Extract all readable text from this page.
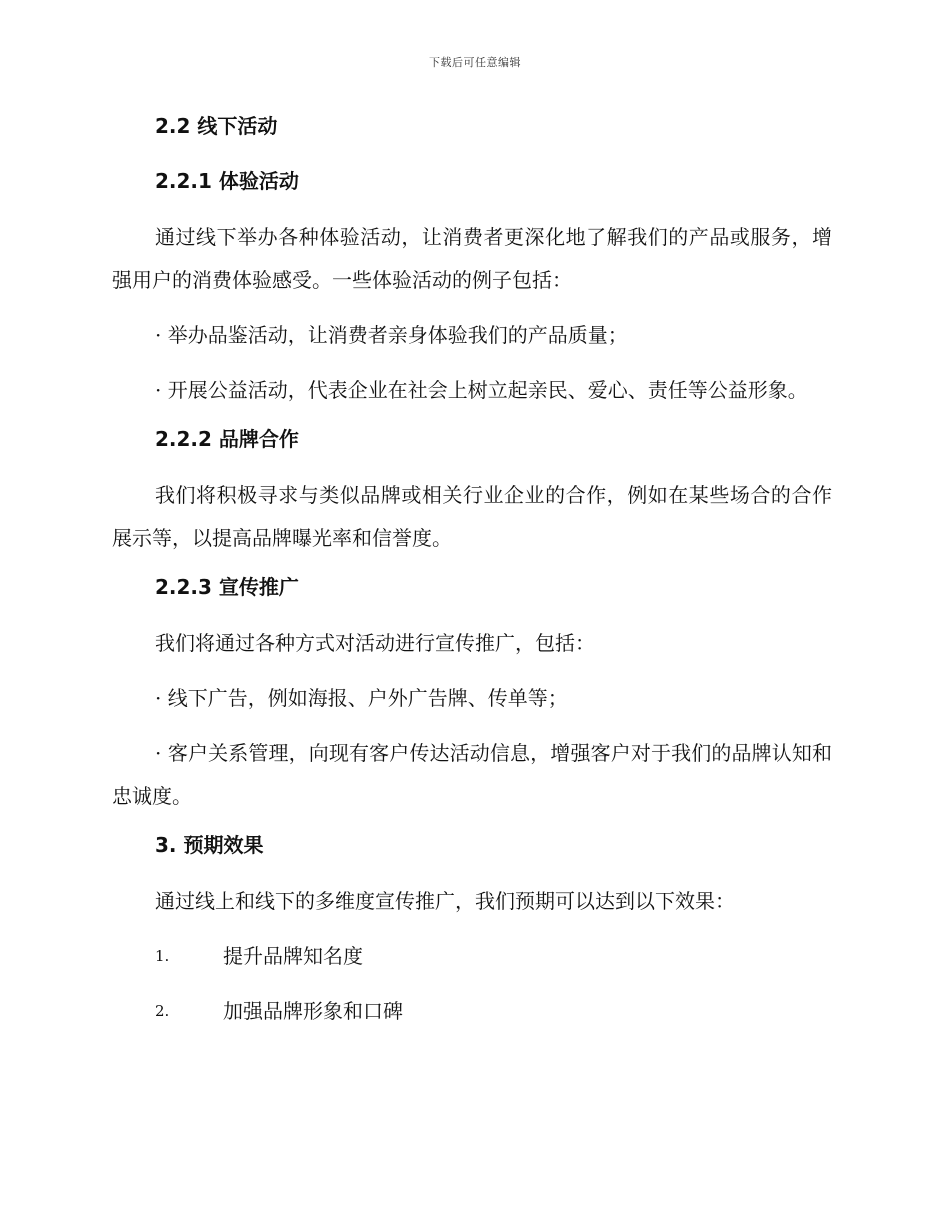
下载后可任意编辑
2.2 线下活动
2.2.1 体验活动
通过线下举办各种体验活动，让消费者更深化地了解我们的产品或服务，增强用户的消费体验感受。一些体验活动的例子包括：
· 举办品鉴活动，让消费者亲身体验我们的产品质量；
· 开展公益活动，代表企业在社会上树立起亲民、爱心、责任等公益形象。
2.2.2 品牌合作
我们将积极寻求与类似品牌或相关行业企业的合作，例如在某些场合的合作展示等，以提高品牌曝光率和信誉度。
2.2.3 宣传推广
我们将通过各种方式对活动进行宣传推广，包括：
· 线下广告，例如海报、户外广告牌、传单等；
· 客户关系管理，向现有客户传达活动信息，增强客户对于我们的品牌认知和忠诚度。
3. 预期效果
通过线上和线下的多维度宣传推广，我们预期可以达到以下效果：
1.	提升品牌知名度
2.	加强品牌形象和口碑
